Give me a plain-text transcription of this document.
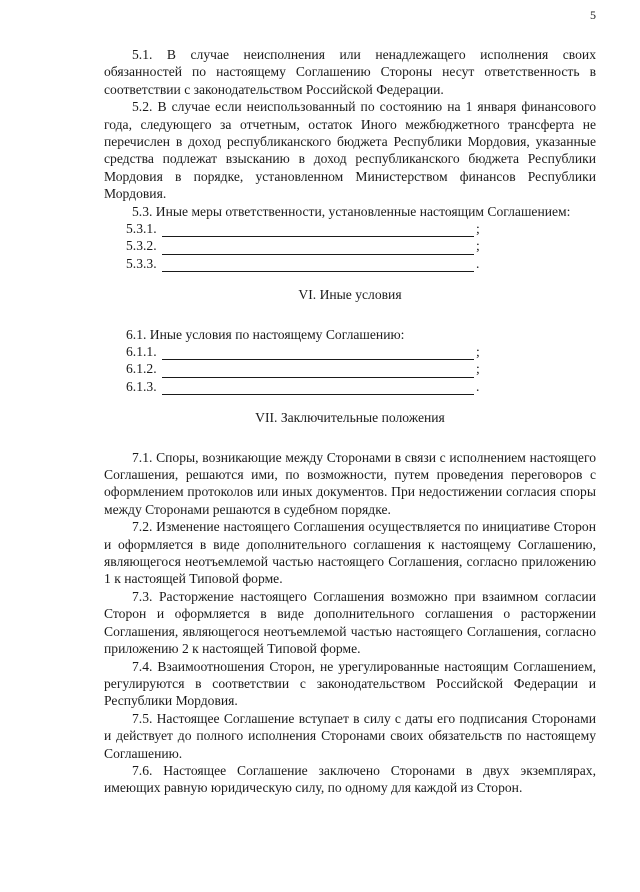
5

5.1. В случае неисполнения или ненадлежащего исполнения своих обязанностей по настоящему Соглашению Стороны несут ответственность в соответствии с законодательством Российской Федерации.

5.2. В случае если неиспользованный по состоянию на 1 января финансового года, следующего за отчетным, остаток Иного межбюджетного трансферта не перечислен в доход республиканского бюджета Республики Мордовия, указанные средства подлежат взысканию в доход республиканского бюджета Республики Мордовия в порядке, установленном Министерством финансов Республики Мордовия.

5.3. Иные меры ответственности, установленные настоящим Соглашением:

5.3.1.	;
5.3.2.	;
5.3.3.	.
VI. Иные условия

6.1. Иные условия по настоящему Соглашению:

6.1.1.	;
6.1.2.	;
6.1.3.	.
VII. Заключительные положения

7.1. Споры, возникающие между Сторонами в связи с исполнением настоящего Соглашения, решаются ими, по возможности, путем проведения переговоров с оформлением протоколов или иных документов. При недостижении согласия споры между Сторонами решаются в судебном порядке.

7.2. Изменение настоящего Соглашения осуществляется по инициативе Сторон и оформляется в виде дополнительного соглашения к настоящему Соглашению, являющегося неотъемлемой частью настоящего Соглашения, согласно приложению 1 к настоящей Типовой форме.

7.3. Расторжение настоящего Соглашения возможно при взаимном согласии Сторон и оформляется в виде дополнительного соглашения о расторжении Соглашения, являющегося неотъемлемой частью настоящего Соглашения, согласно приложению 2 к настоящей Типовой форме.

7.4. Взаимоотношения Сторон, не урегулированные настоящим Соглашением, регулируются в соответствии с законодательством Российской Федерации и Республики Мордовия.

7.5. Настоящее Соглашение вступает в силу с даты его подписания Сторонами и действует до полного исполнения Сторонами своих обязательств по настоящему Соглашению.

7.6. Настоящее Соглашение заключено Сторонами в двух экземплярах, имеющих равную юридическую силу, по одному для каждой из Сторон.
